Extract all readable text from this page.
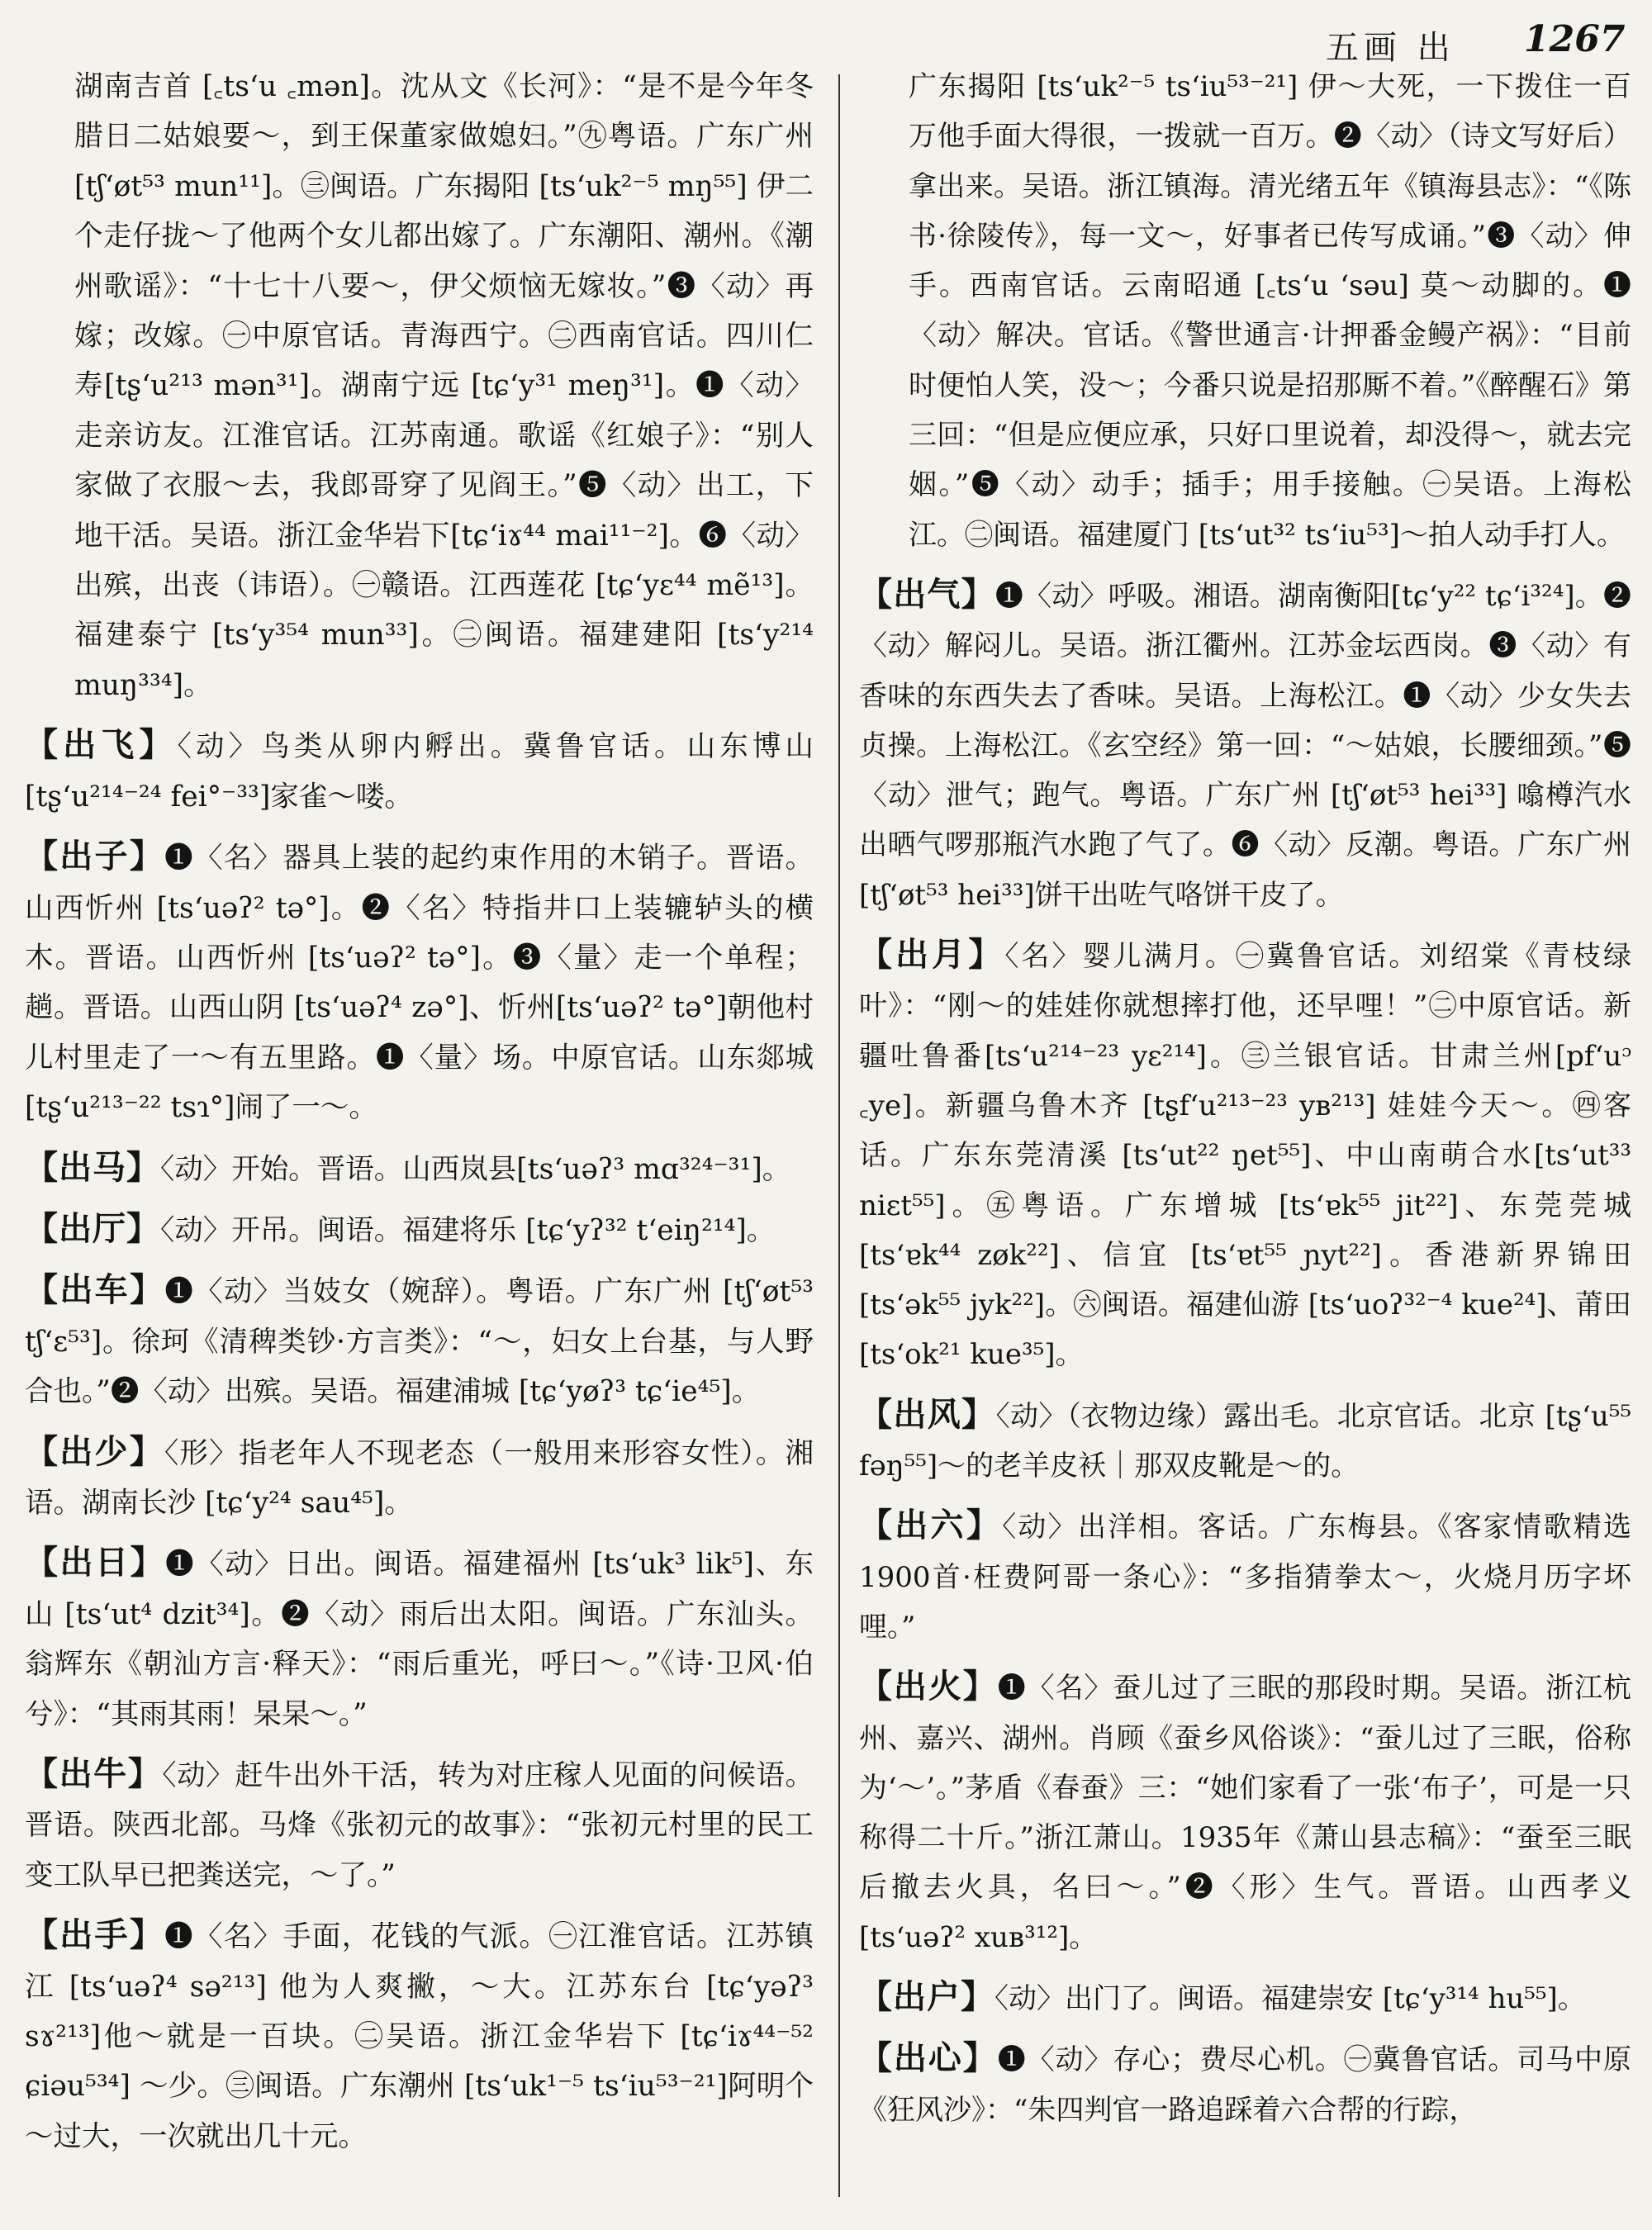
五画 出 1267

湖南吉首 [꜀tsʻu ꜀mən]。沈从文《长河》：“是不是今年冬腊日二姑娘要～，到王保董家做媳妇。”㊈粤语。广东广州[tʃʻøt⁵³ mun¹¹]。㊂闽语。广东揭阳 [tsʻuk²⁻⁵ mŋ⁵⁵] 伊二个走仔拢～了他两个女儿都出嫁了。广东潮阳、潮州。《潮州歌谣》：“十七十八要～，伊父烦恼无嫁妆。”❸〈动〉再嫁；改嫁。㊀中原官话。青海西宁。㊁西南官话。四川仁寿[tʂʻu²¹³ mən³¹]。湖南宁远 [tɕʻy³¹ meŋ³¹]。❶〈动〉走亲访友。江淮官话。江苏南通。歌谣《红娘子》：“别人家做了衣服～去，我郎哥穿了见阎王。”❺〈动〉出工，下地干活。吴语。浙江金华岩下[tɕʻiɤ⁴⁴ mai¹¹⁻²]。❻〈动〉出殡，出丧（讳语）。㊀赣语。江西莲花 [tɕʻyɛ⁴⁴ mẽ¹³]。福建泰宁 [tsʻy³⁵⁴ mun³³]。㊁闽语。福建建阳 [tsʻy²¹⁴ muŋ³³⁴]。

【出飞】〈动〉鸟类从卵内孵出。冀鲁官话。山东博山 [tʂʻu²¹⁴⁻²⁴ fei°⁻³³]家雀～喽。

【出子】❶〈名〉器具上装的起约束作用的木销子。晋语。山西忻州 [tsʻuəʔ² tə°]。❷〈名〉特指井口上装辘轳头的横木。晋语。山西忻州 [tsʻuəʔ² tə°]。❸〈量〉走一个单程；趟。晋语。山西山阴 [tsʻuəʔ⁴ zə°]、忻州[tsʻuəʔ² tə°]朝他村儿村里走了一～有五里路。❶〈量〉场。中原官话。山东郯城 [tʂʻu²¹³⁻²² tsɿ°]闹了一～。

【出马】〈动〉开始。晋语。山西岚县[tsʻuəʔ³ mɑ³²⁴⁻³¹]。

【出厅】〈动〉开吊。闽语。福建将乐 [tɕʻyʔ³² tʻeiŋ²¹⁴]。

【出车】❶〈动〉当妓女（婉辞）。粤语。广东广州 [tʃʻøt⁵³ tʃʻɛ⁵³]。徐珂《清稗类钞·方言类》：“～，妇女上台基，与人野合也。”❷〈动〉出殡。吴语。福建浦城 [tɕʻyøʔ³ tɕʻie⁴⁵]。

【出少】〈形〉指老年人不现老态（一般用来形容女性）。湘语。湖南长沙 [tɕʻy²⁴ sau⁴⁵]。

【出日】❶〈动〉日出。闽语。福建福州 [tsʻuk³ lik⁵]、东山 [tsʻut⁴ dzit³⁴]。❷〈动〉雨后出太阳。闽语。广东汕头。翁辉东《朝汕方言·释天》：“雨后重光，呼曰～。”《诗·卫风·伯兮》：“其雨其雨！杲杲～。”

【出牛】〈动〉赶牛出外干活，转为对庄稼人见面的问候语。晋语。陕西北部。马烽《张初元的故事》：“张初元村里的民工变工队早已把粪送完，～了。”

【出手】❶〈名〉手面，花钱的气派。㊀江淮官话。江苏镇江 [tsʻuəʔ⁴ sə²¹³] 他为人爽撇，～大。江苏东台 [tɕʻyəʔ³ sɤ²¹³]他～就是一百块。㊁吴语。浙江金华岩下 [tɕʻiɤ⁴⁴⁻⁵² ɕiəu⁵³⁴] ～少。㊂闽语。广东潮州 [tsʻuk¹⁻⁵ tsʻiu⁵³⁻²¹]阿明个～过大，一次就出几十元。

广东揭阳 [tsʻuk²⁻⁵ tsʻiu⁵³⁻²¹] 伊～大死，一下拨住一百万他手面大得很，一拨就一百万。❷〈动〉（诗文写好后）拿出来。吴语。浙江镇海。清光绪五年《镇海县志》：“《陈书·徐陵传》，每一文～，好事者已传写成诵。”❸〈动〉伸手。西南官话。云南昭通 [꜀tsʻu ʻsəu] 莫～动脚的。❶〈动〉解决。官话。《警世通言·计押番金鳗产祸》：“目前时便怕人笑，没～；今番只说是招那厮不着。”《醉醒石》第三回：“但是应便应承，只好口里说着，却没得～，就去完姻。”❺〈动〉动手；插手；用手接触。㊀吴语。上海松江。㊁闽语。福建厦门 [tsʻut³² tsʻiu⁵³]～拍人动手打人。

【出气】❶〈动〉呼吸。湘语。湖南衡阳[tɕʻy²² tɕʻi³²⁴]。❷〈动〉解闷儿。吴语。浙江衢州。江苏金坛西岗。❸〈动〉有香味的东西失去了香味。吴语。上海松江。❶〈动〉少女失去贞操。上海松江。《玄空经》第一回：“～姑娘，长腰细颈。”❺〈动〉泄气；跑气。粤语。广东广州 [tʃʻøt⁵³ hei³³] 噏樽汽水出晒气啰那瓶汽水跑了气了。❻〈动〉反潮。粤语。广东广州[tʃʻøt⁵³ hei³³]饼干出咗气咯饼干皮了。

【出月】〈名〉婴儿满月。㊀冀鲁官话。刘绍棠《青枝绿叶》：“刚～的娃娃你就想摔打他，还早哩！”㊁中原官话。新疆吐鲁番[tsʻu²¹⁴⁻²³ yɛ²¹⁴]。㊂兰银官话。甘肃兰州[pfʻuᵓ ꜀ye]。新疆乌鲁木齐 [tʂfʻu²¹³⁻²³ yʙ²¹³] 娃娃今天～。㊃客话。广东东莞清溪 [tsʻut²² ŋet⁵⁵]、中山南萌合水[tsʻut³³ niɛt⁵⁵]。㊄粤语。广东增城 [tsʻɐk⁵⁵ jit²²]、东莞莞城 [tsʻɐk⁴⁴ zøk²²]、信宜 [tsʻɐt⁵⁵ ɲyt²²]。香港新界锦田 [tsʻək⁵⁵ jyk²²]。㊅闽语。福建仙游 [tsʻuoʔ³²⁻⁴ kue²⁴]、莆田 [tsʻok²¹ kue³⁵]。

【出风】〈动〉（衣物边缘）露出毛。北京官话。北京 [tʂʻu⁵⁵ fəŋ⁵⁵]～的老羊皮袄｜那双皮靴是～的。

【出六】〈动〉出洋相。客话。广东梅县。《客家情歌精选1900首·枉费阿哥一条心》：“多指猜拳太～，火烧月历字坏哩。”

【出火】❶〈名〉蚕儿过了三眠的那段时期。吴语。浙江杭州、嘉兴、湖州。肖顾《蚕乡风俗谈》：“蚕儿过了三眠，俗称为‘～’。”茅盾《春蚕》三：“她们家看了一张‘布子’，可是一只称得二十斤。”浙江萧山。1935年《萧山县志稿》：“蚕至三眠后撤去火具，名曰～。”❷〈形〉生气。晋语。山西孝义[tsʻuəʔ² xuʙ³¹²]。

【出户】〈动〉出门了。闽语。福建崇安 [tɕʻy³¹⁴ hu⁵⁵]。

【出心】❶〈动〉存心；费尽心机。㊀冀鲁官话。司马中原《狂风沙》：“朱四判官一路追踩着六合帮的行踪，
